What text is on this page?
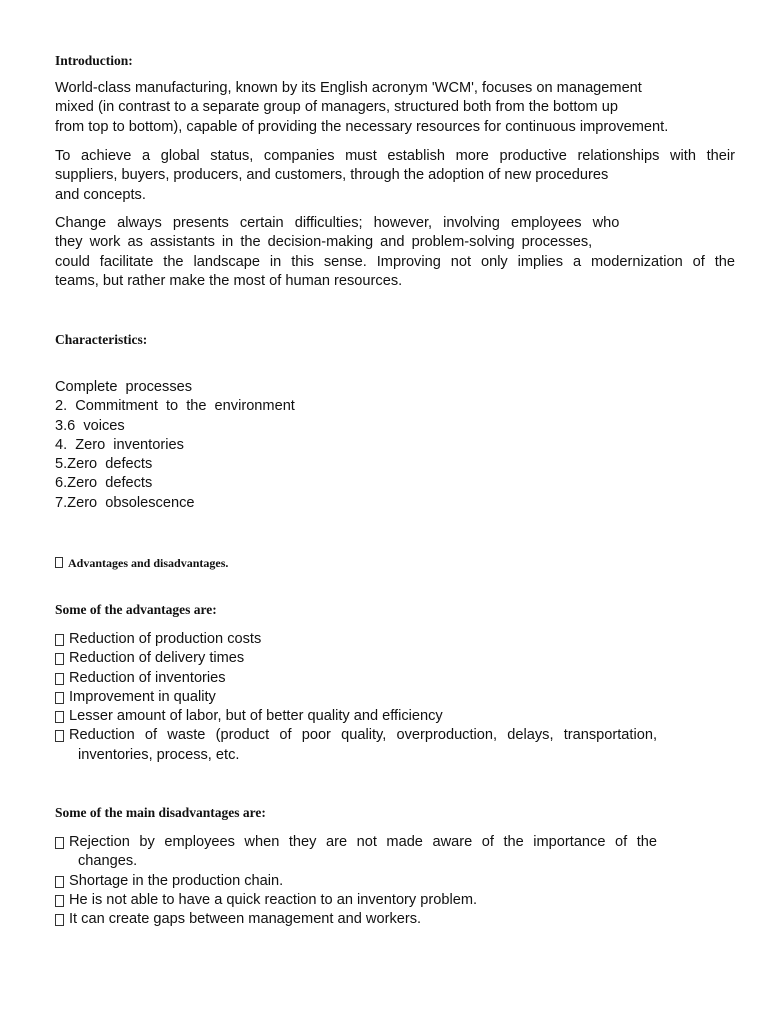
Introduction:
World-class manufacturing, known by its English acronym 'WCM', focuses on management
mixed (in contrast to a separate group of managers, structured both from the bottom up
from top to bottom), capable of providing the necessary resources for continuous improvement.
To achieve a global status, companies must establish more productive relationships with their
suppliers, buyers, producers, and customers, through the adoption of new procedures
and concepts.
Change always presents certain difficulties; however, involving employees who
they work as assistants in the decision-making and problem-solving processes,
could facilitate the landscape in this sense. Improving not only implies a modernization of the
teams, but rather make the most of human resources.
Characteristics:
Complete processes
2. Commitment to the environment
3.6 voices
4. Zero inventories
5.Zero defects
6.Zero defects
7.Zero obsolescence
Advantages and disadvantages.
Some of the advantages are:
Reduction of production costs
Reduction of delivery times
Reduction of inventories
Improvement in quality
Lesser amount of labor, but of better quality and efficiency
Reduction of waste (product of poor quality, overproduction, delays, transportation,
inventories, process, etc.
Some of the main disadvantages are:
Rejection by employees when they are not made aware of the importance of the
changes.
Shortage in the production chain.
He is not able to have a quick reaction to an inventory problem.
It can create gaps between management and workers.
